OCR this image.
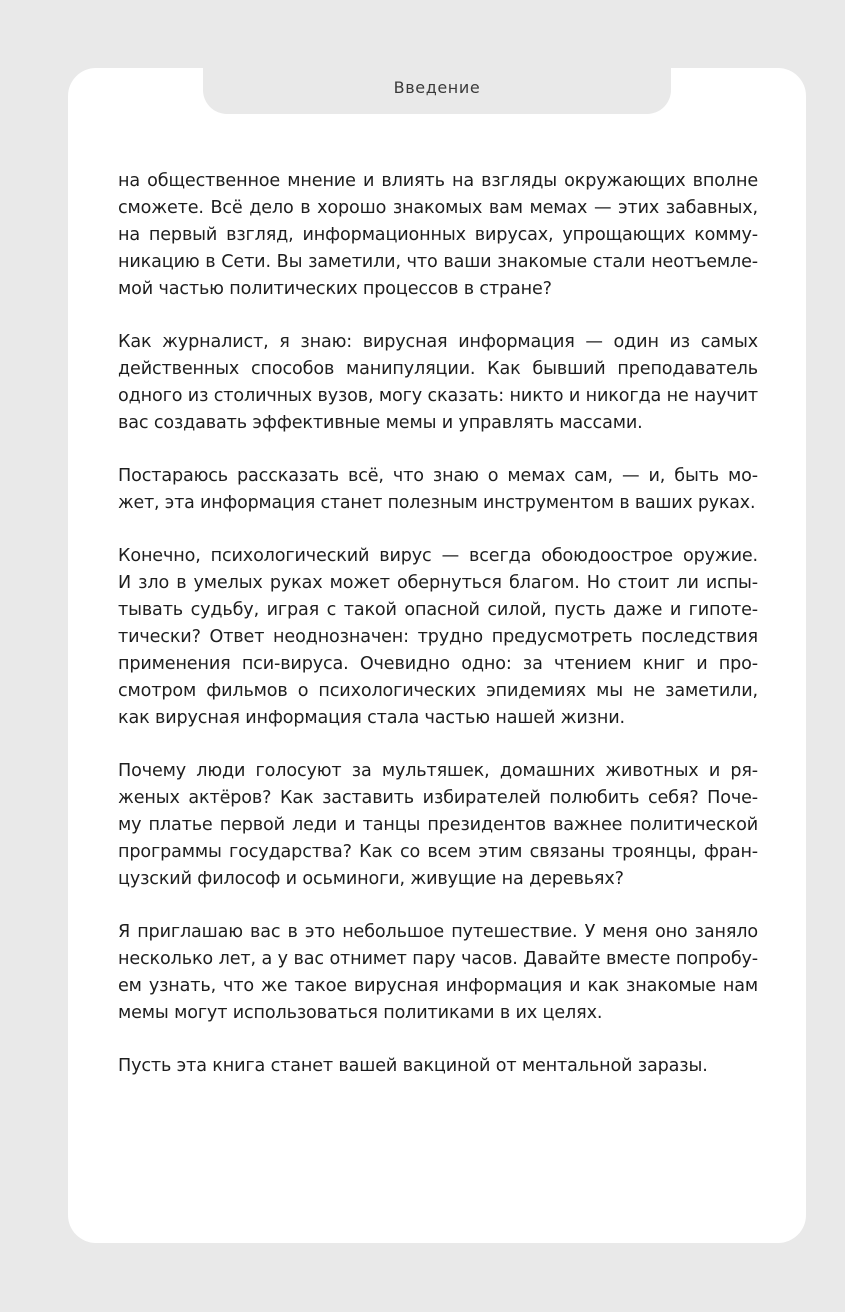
Введение

на общественное мнение и влиять на взгляды окружающих вполне
сможете. Всё дело в хорошо знакомых вам мемах — этих забавных,
на первый взгляд, информационных вирусах, упрощающих комму-
никацию в Сети. Вы заметили, что ваши знакомые стали неотъемле-
мой частью политических процессов в стране?

Как журналист, я знаю: вирусная информация — один из самых
действенных способов манипуляции. Как бывший преподаватель
одного из столичных вузов, могу сказать: никто и никогда не научит
вас создавать эффективные мемы и управлять массами.

Постараюсь рассказать всё, что знаю о мемах сам, — и, быть мо-
жет, эта информация станет полезным инструментом в ваших руках.

Конечно, психологический вирус — всегда обоюдоострое оружие.
И зло в умелых руках может обернуться благом. Но стоит ли испы-
тывать судьбу, играя с такой опасной силой, пусть даже и гипоте-
тически? Ответ неоднозначен: трудно предусмотреть последствия
применения пси-вируса. Очевидно одно: за чтением книг и про-
смотром фильмов о психологических эпидемиях мы не заметили,
как вирусная информация стала частью нашей жизни.

Почему люди голосуют за мультяшек, домашних животных и ря-
женых актёров? Как заставить избирателей полюбить себя? Поче-
му платье первой леди и танцы президентов важнее политической
программы государства? Как со всем этим связаны троянцы, фран-
цузский философ и осьминоги, живущие на деревьях?

Я приглашаю вас в это небольшое путешествие. У меня оно заняло
несколько лет, а у вас отнимет пару часов. Давайте вместе попробу-
ем узнать, что же такое вирусная информация и как знакомые нам
мемы могут использоваться политиками в их целях.

Пусть эта книга станет вашей вакциной от ментальной заразы.
